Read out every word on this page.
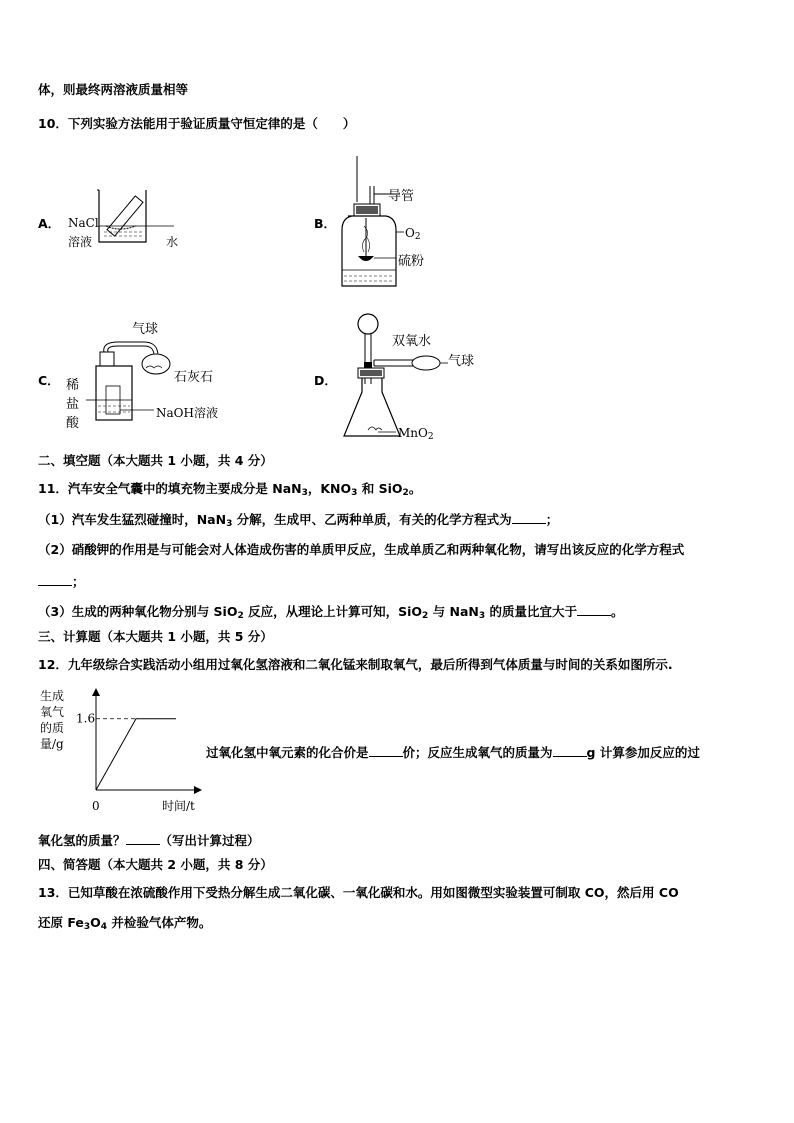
体，则最终两溶液质量相等
10．下列实验方法能用于验证质量守恒定律的是（　　）
A． NaCl
溶液	水
B．
导管
$O_2$
硫粉
C．
气球
石灰石
稀
盐
酸
NaOH溶液
D．
双氧水
气球
MnO$_2$
二、填空题（本大题共 1 小题，共 4 分）
11．汽车安全气囊中的填充物主要成分是 NaN$_3$，$KNO_3$ 和 SiO$_2$。
（1）汽车发生猛烈碰撞时，NaN$_3$ 分解，生成甲、乙两种单质，有关的化学方程式为	；
（2）硝酸钾的作用是与可能会对人体造成伤害的单质甲反应，生成单质乙和两种氧化物，请写出该反应的化学方程式
；
（3）生成的两种氧化物分别与 SiO$_2$ 反应，从理论上计算可知，SiO$_2$ 与 NaN$_3$ 的质量比宜大于	。
三、计算题（本大题共 1 小题，共 5 分）
12．九年级综合实践活动小组用过氧化氢溶液和二氧化锰来制取氧气，最后所得到气体质量与时间的关系如图所示.
生成
氧气
的质
量/g
1.6
0	时间/t
过氧化氢中氧元素的化合价是	价；反应生成氧气的质量为	g 计算参加反应的过
氧化氢的质量？	（写出计算过程）
四、简答题（本大题共 2 小题，共 8 分）
13．已知草酸在浓硫酸作用下受热分解生成二氧化碳、一氧化碳和水。用如图微型实验装置可制取 CO，然后用 CO
还原 $Fe_3O_4$ 并检验气体产物。
